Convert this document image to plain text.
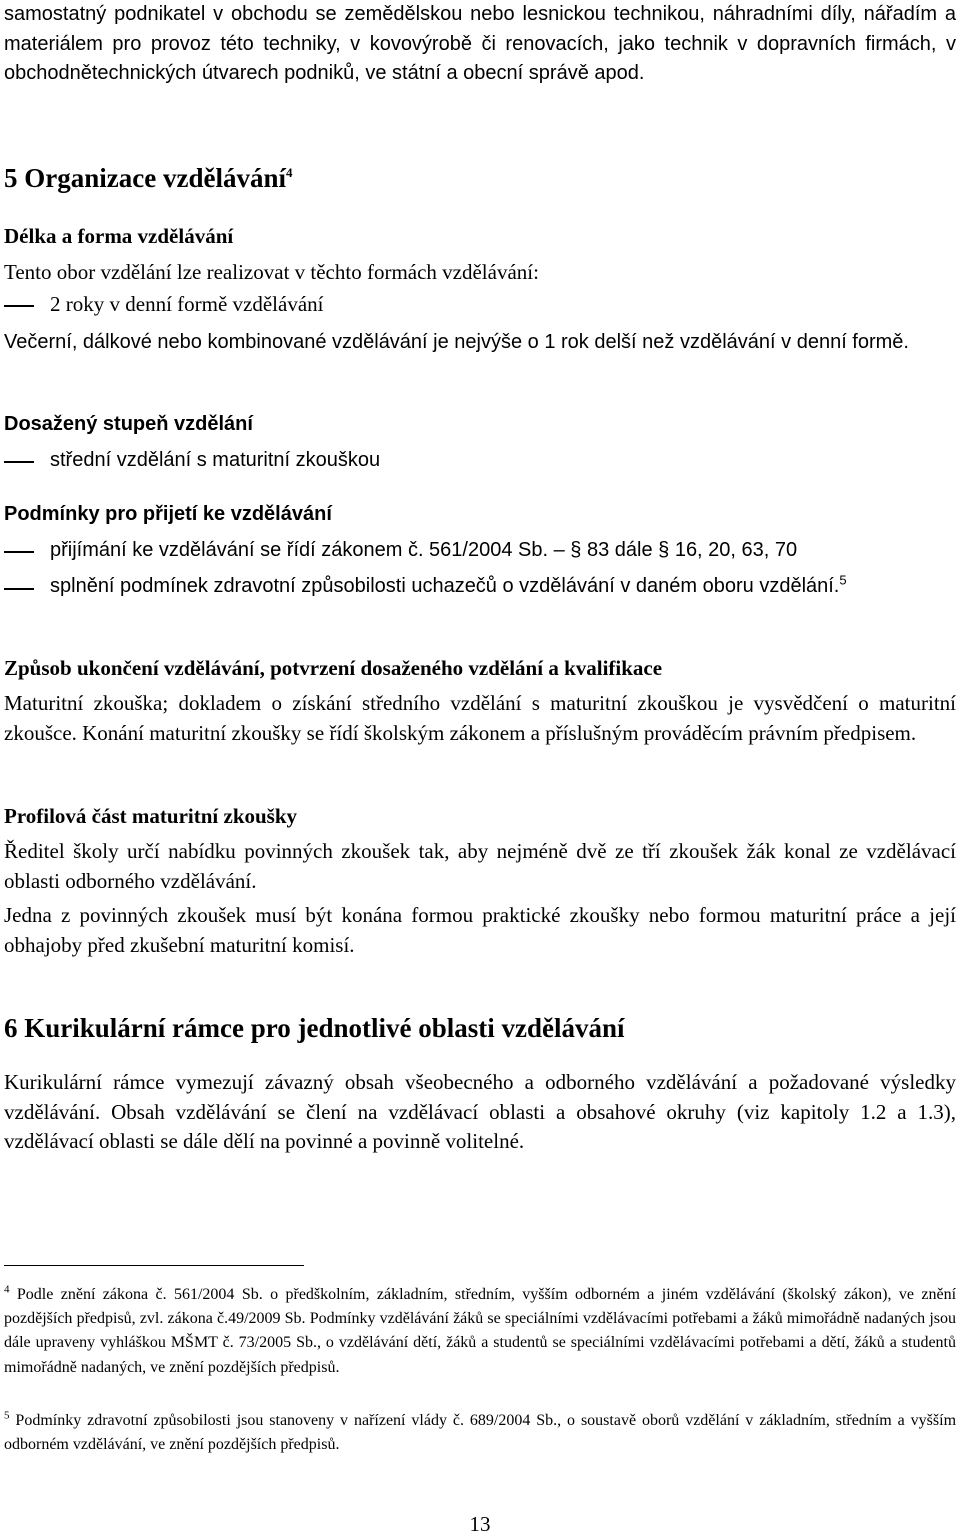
samostatný podnikatel v obchodu se zemědělskou nebo lesnickou technikou, náhradními díly, nářadím a materiálem pro provoz této techniky, v kovovýrobě či renovacích, jako technik v dopravních firmách, v obchodnětechnických útvarech podniků, ve státní a obecní správě apod.
5 Organizace vzdělávání$^4$
Délka a forma vzdělávání
Tento obor vzdělání lze realizovat v těchto formách vzdělávání:
2 roky v denní formě vzdělávání
Večerní, dálkové nebo kombinované vzdělávání je nejvýše o 1 rok delší než vzdělávání v denní formě.
Dosažený stupeň vzdělání
střední vzdělání s maturitní zkouškou
Podmínky pro přijetí ke vzdělávání
přijímání ke vzdělávání se řídí zákonem č. 561/2004 Sb. – § 83 dále § 16, 20, 63, 70
splnění podmínek zdravotní způsobilosti uchazečů o vzdělávání v daném oboru vzdělání.$^5$
Způsob ukončení vzdělávání, potvrzení dosaženého vzdělání a kvalifikace
Maturitní zkouška; dokladem o získání středního vzdělání s maturitní zkouškou je vysvědčení o maturitní zkoušce. Konání maturitní zkoušky se řídí školským zákonem a příslušným prováděcím právním předpisem.
Profilová část maturitní zkoušky
Ředitel školy určí nabídku povinných zkoušek tak, aby nejméně dvě ze tří zkoušek žák konal ze vzdělávací oblasti odborného vzdělávání.
Jedna z povinných zkoušek musí být konána formou praktické zkoušky nebo formou maturitní práce a její obhajoby před zkušební maturitní komisí.
6 Kurikulární rámce pro jednotlivé oblasti vzdělávání
Kurikulární rámce vymezují závazný obsah všeobecného a odborného vzdělávání a požadované výsledky vzdělávání. Obsah vzdělávání se člení na vzdělávací oblasti a obsahové okruhy (viz kapitoly 1.2 a 1.3), vzdělávací oblasti se dále dělí na povinné a povinně volitelné.
$^4$ Podle znění zákona č. 561/2004 Sb. o předškolním, základním, středním, vyšším odborném a jiném vzdělávání (školský zákon), ve znění pozdějších předpisů, zvl. zákona č.49/2009 Sb. Podmínky vzdělávání žáků se speciálními vzdělávacími potřebami a žáků mimořádně nadaných jsou dále upraveny vyhláškou MŠMT č. 73/2005 Sb., o vzdělávání dětí, žáků a studentů se speciálními vzdělávacími potřebami a dětí, žáků a studentů mimořádně nadaných, ve znění pozdějších předpisů.
$^5$ Podmínky zdravotní způsobilosti jsou stanoveny v nařízení vlády č. 689/2004 Sb., o soustavě oborů vzdělání v základním, středním a vyšším odborném vzdělávání, ve znění pozdějších předpisů.
13
